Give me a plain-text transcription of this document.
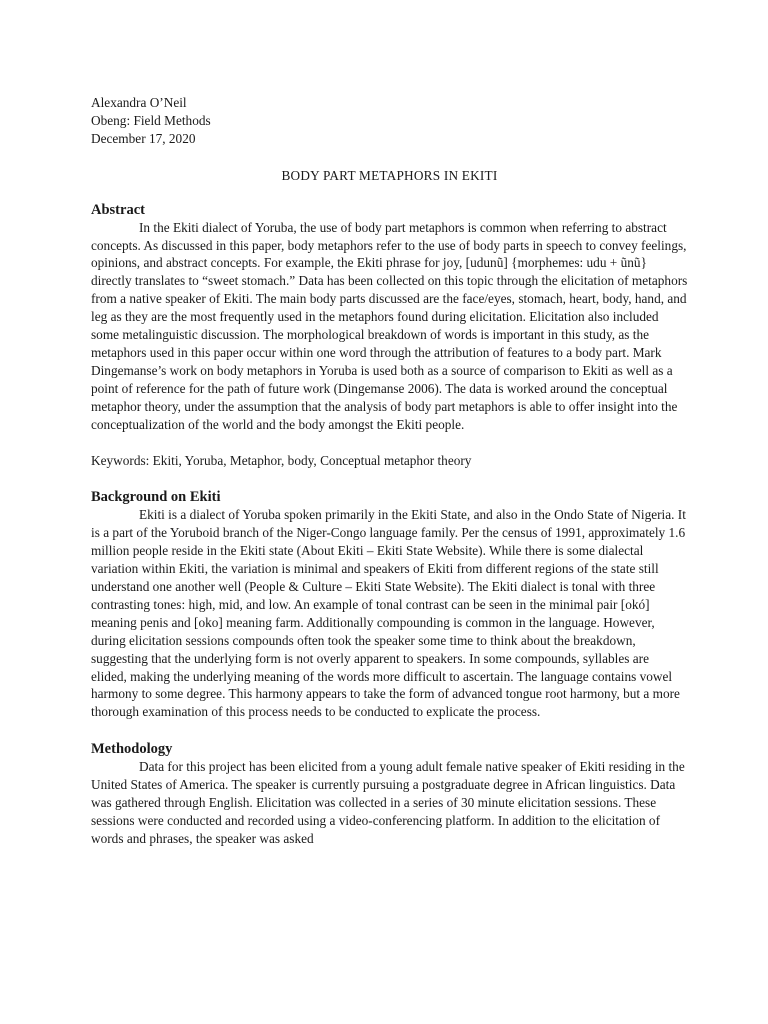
Alexandra O’Neil
Obeng: Field Methods
December 17, 2020
BODY PART METAPHORS IN EKITI
Abstract

In the Ekiti dialect of Yoruba, the use of body part metaphors is common when referring to abstract concepts. As discussed in this paper, body metaphors refer to the use of body parts in speech to convey feelings, opinions, and abstract concepts. For example, the Ekiti phrase for joy, [udunũ] {morphemes: udu + ũnũ} directly translates to “sweet stomach.” Data has been collected on this topic through the elicitation of metaphors from a native speaker of Ekiti. The main body parts discussed are the face/eyes, stomach, heart, body, hand, and leg as they are the most frequently used in the metaphors found during elicitation. Elicitation also included some metalinguistic discussion. The morphological breakdown of words is important in this study, as the metaphors used in this paper occur within one word through the attribution of features to a body part. Mark Dingemanse’s work on body metaphors in Yoruba is used both as a source of comparison to Ekiti as well as a point of reference for the path of future work (Dingemanse 2006). The data is worked around the conceptual metaphor theory, under the assumption that the analysis of body part metaphors is able to offer insight into the conceptualization of the world and the body amongst the Ekiti people.

Keywords: Ekiti, Yoruba, Metaphor, body, Conceptual metaphor theory

Background on Ekiti

Ekiti is a dialect of Yoruba spoken primarily in the Ekiti State, and also in the Ondo State of Nigeria. It is a part of the Yoruboid branch of the Niger-Congo language family. Per the census of 1991, approximately 1.6 million people reside in the Ekiti state (About Ekiti – Ekiti State Website). While there is some dialectal variation within Ekiti, the variation is minimal and speakers of Ekiti from different regions of the state still understand one another well (People & Culture – Ekiti State Website). The Ekiti dialect is tonal with three contrasting tones: high, mid, and low. An example of tonal contrast can be seen in the minimal pair [okó] meaning penis and [oko] meaning farm. Additionally compounding is common in the language. However, during elicitation sessions compounds often took the speaker some time to think about the breakdown, suggesting that the underlying form is not overly apparent to speakers. In some compounds, syllables are elided, making the underlying meaning of the words more difficult to ascertain. The language contains vowel harmony to some degree. This harmony appears to take the form of advanced tongue root harmony, but a more thorough examination of this process needs to be conducted to explicate the process.

Methodology

Data for this project has been elicited from a young adult female native speaker of Ekiti residing in the United States of America. The speaker is currently pursuing a postgraduate degree in African linguistics. Data was gathered through English. Elicitation was collected in a series of 30 minute elicitation sessions. These sessions were conducted and recorded using a video-conferencing platform. In addition to the elicitation of words and phrases, the speaker was asked
